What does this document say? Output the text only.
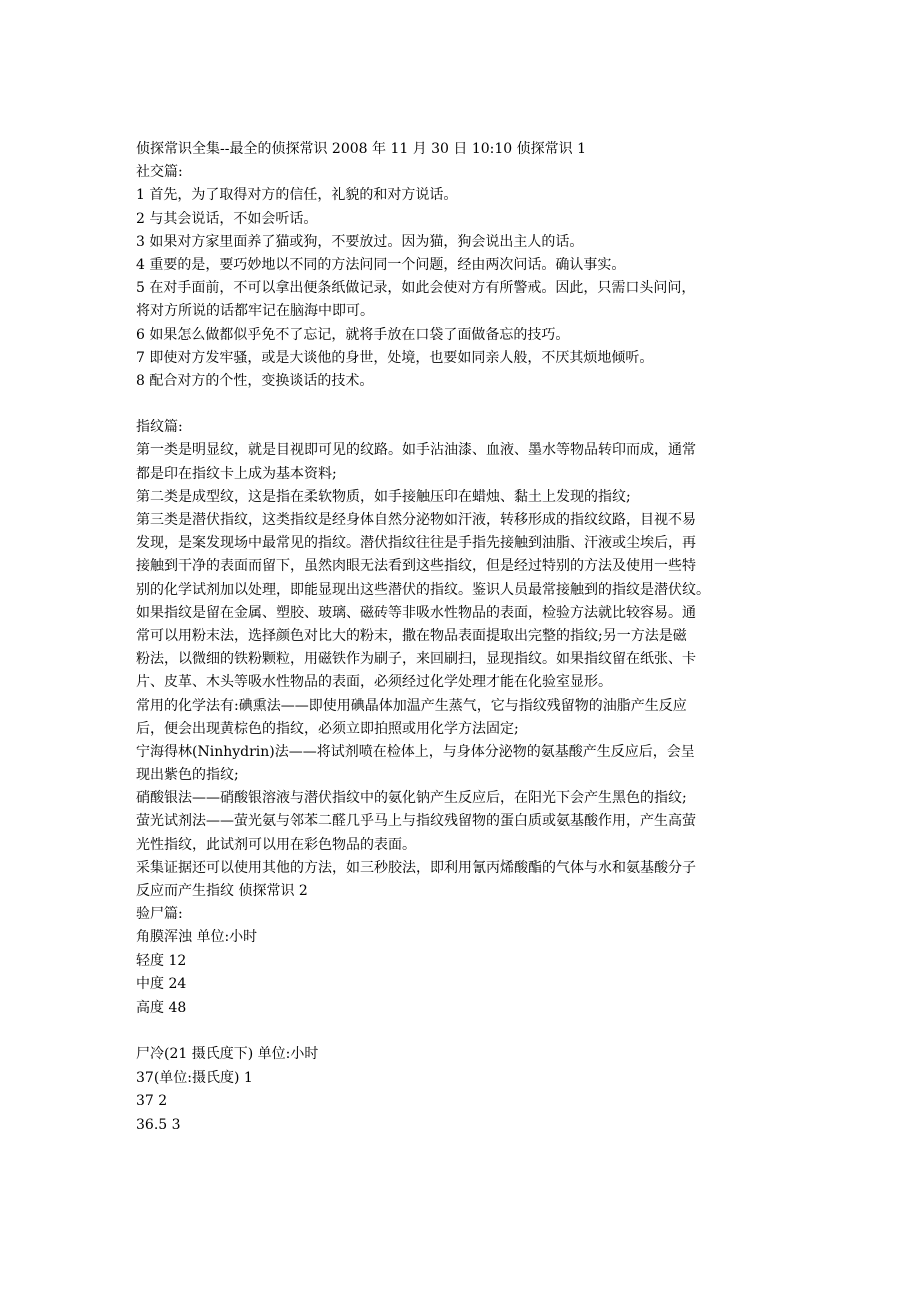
侦探常识全集--最全的侦探常识 2008 年 11 月 30 日 10:10 侦探常识 1

社交篇:

1 首先，为了取得对方的信任，礼貌的和对方说话。

2 与其会说话，不如会听话。

3 如果对方家里面养了猫或狗，不要放过。因为猫，狗会说出主人的话。

4 重要的是，要巧妙地以不同的方法问同一个问题，经由两次问话。确认事实。

5 在对手面前，不可以拿出便条纸做记录，如此会使对方有所警戒。因此，只需口头问问，

将对方所说的话都牢记在脑海中即可。

6 如果怎么做都似乎免不了忘记，就将手放在口袋了面做备忘的技巧。

7 即使对方发牢骚，或是大谈他的身世，处境，也要如同亲人般，不厌其烦地倾听。

8 配合对方的个性，变换谈话的技术。

指纹篇:

第一类是明显纹，就是目视即可见的纹路。如手沾油漆、血液、墨水等物品转印而成，通常

都是印在指纹卡上成为基本资料;

第二类是成型纹，这是指在柔软物质，如手接触压印在蜡烛、黏土上发现的指纹;

第三类是潜伏指纹，这类指纹是经身体自然分泌物如汗液，转移形成的指纹纹路，目视不易

发现，是案发现场中最常见的指纹。潜伏指纹往往是手指先接触到油脂、汗液或尘埃后，再

接触到干净的表面而留下，虽然肉眼无法看到这些指纹，但是经过特别的方法及使用一些特

别的化学试剂加以处理，即能显现出这些潜伏的指纹。鉴识人员最常接触到的指纹是潜伏纹。

如果指纹是留在金属、塑胶、玻璃、磁砖等非吸水性物品的表面，检验方法就比较容易。通

常可以用粉末法，选择颜色对比大的粉末，撒在物品表面提取出完整的指纹;另一方法是磁

粉法，以微细的铁粉颗粒，用磁铁作为刷子，来回刷扫，显现指纹。如果指纹留在纸张、卡

片、皮革、木头等吸水性物品的表面，必须经过化学处理才能在化验室显形。

常用的化学法有:碘熏法——即使用碘晶体加温产生蒸气，它与指纹残留物的油脂产生反应

后，便会出现黄棕色的指纹，必须立即拍照或用化学方法固定;

宁海得林(Ninhydrin)法——将试剂喷在检体上，与身体分泌物的氨基酸产生反应后，会呈

现出紫色的指纹;

硝酸银法——硝酸银溶液与潜伏指纹中的氨化钠产生反应后，在阳光下会产生黑色的指纹;

萤光试剂法——萤光氨与邻苯二醛几乎马上与指纹残留物的蛋白质或氨基酸作用，产生高萤

光性指纹，此试剂可以用在彩色物品的表面。

采集证据还可以使用其他的方法，如三秒胶法，即利用氰丙烯酸酯的气体与水和氨基酸分子

反应而产生指纹 侦探常识 2

验尸篇:

角膜浑浊 单位:小时

轻度 12

中度 24

高度 48

尸冷(21 摄氏度下) 单位:小时

37(单位:摄氏度) 1

37 2

36.5 3
